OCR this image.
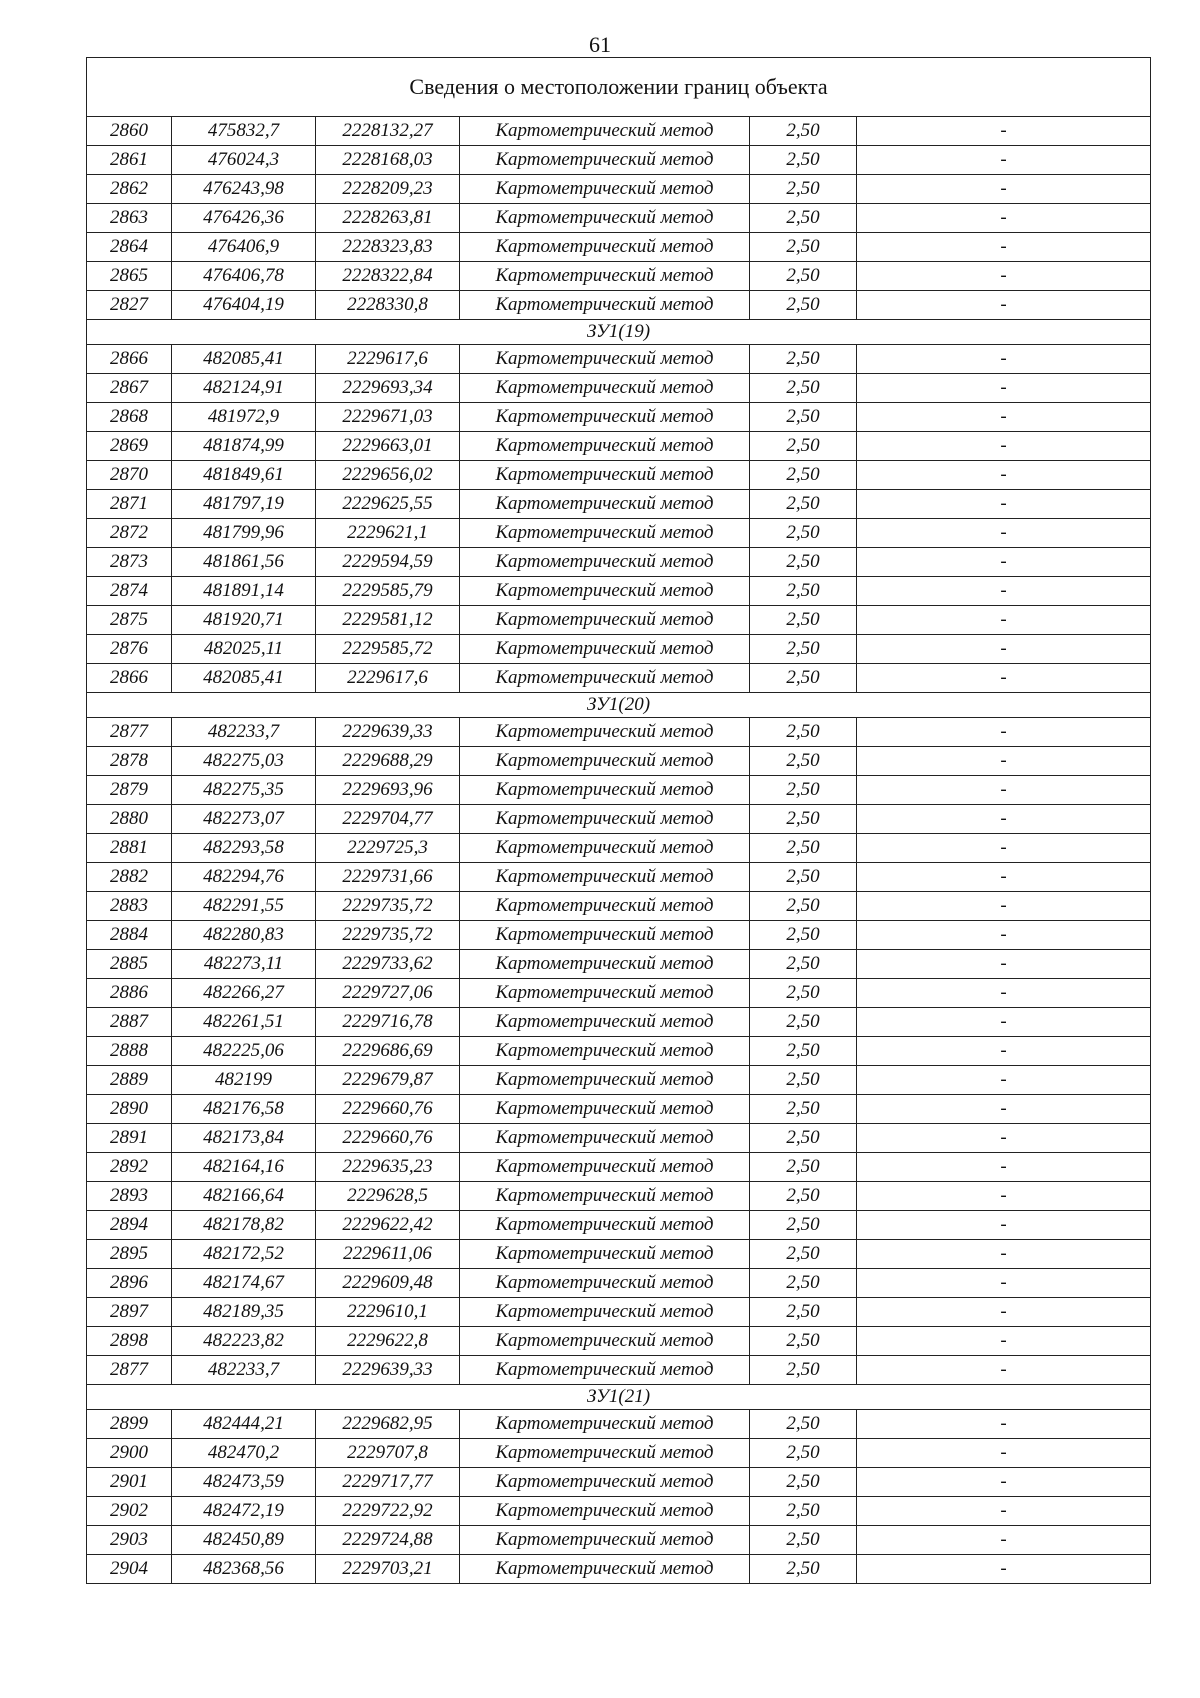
61
Сведения о местоположении границ объекта					
2860	475832,7	2228132,27	Картометрический метод	2,50	-
2861	476024,3	2228168,03	Картометрический метод	2,50	-
2862	476243,98	2228209,23	Картометрический метод	2,50	-
2863	476426,36	2228263,81	Картометрический метод	2,50	-
2864	476406,9	2228323,83	Картометрический метод	2,50	-
2865	476406,78	2228322,84	Картометрический метод	2,50	-
2827	476404,19	2228330,8	Картометрический метод	2,50	-
ЗУ1(19)					
2866	482085,41	2229617,6	Картометрический метод	2,50	-
2867	482124,91	2229693,34	Картометрический метод	2,50	-
2868	481972,9	2229671,03	Картометрический метод	2,50	-
2869	481874,99	2229663,01	Картометрический метод	2,50	-
2870	481849,61	2229656,02	Картометрический метод	2,50	-
2871	481797,19	2229625,55	Картометрический метод	2,50	-
2872	481799,96	2229621,1	Картометрический метод	2,50	-
2873	481861,56	2229594,59	Картометрический метод	2,50	-
2874	481891,14	2229585,79	Картометрический метод	2,50	-
2875	481920,71	2229581,12	Картометрический метод	2,50	-
2876	482025,11	2229585,72	Картометрический метод	2,50	-
2866	482085,41	2229617,6	Картометрический метод	2,50	-
ЗУ1(20)					
2877	482233,7	2229639,33	Картометрический метод	2,50	-
2878	482275,03	2229688,29	Картометрический метод	2,50	-
2879	482275,35	2229693,96	Картометрический метод	2,50	-
2880	482273,07	2229704,77	Картометрический метод	2,50	-
2881	482293,58	2229725,3	Картометрический метод	2,50	-
2882	482294,76	2229731,66	Картометрический метод	2,50	-
2883	482291,55	2229735,72	Картометрический метод	2,50	-
2884	482280,83	2229735,72	Картометрический метод	2,50	-
2885	482273,11	2229733,62	Картометрический метод	2,50	-
2886	482266,27	2229727,06	Картометрический метод	2,50	-
2887	482261,51	2229716,78	Картометрический метод	2,50	-
2888	482225,06	2229686,69	Картометрический метод	2,50	-
2889	482199	2229679,87	Картометрический метод	2,50	-
2890	482176,58	2229660,76	Картометрический метод	2,50	-
2891	482173,84	2229660,76	Картометрический метод	2,50	-
2892	482164,16	2229635,23	Картометрический метод	2,50	-
2893	482166,64	2229628,5	Картометрический метод	2,50	-
2894	482178,82	2229622,42	Картометрический метод	2,50	-
2895	482172,52	2229611,06	Картометрический метод	2,50	-
2896	482174,67	2229609,48	Картометрический метод	2,50	-
2897	482189,35	2229610,1	Картометрический метод	2,50	-
2898	482223,82	2229622,8	Картометрический метод	2,50	-
2877	482233,7	2229639,33	Картометрический метод	2,50	-
ЗУ1(21)					
2899	482444,21	2229682,95	Картометрический метод	2,50	-
2900	482470,2	2229707,8	Картометрический метод	2,50	-
2901	482473,59	2229717,77	Картометрический метод	2,50	-
2902	482472,19	2229722,92	Картометрический метод	2,50	-
2903	482450,89	2229724,88	Картометрический метод	2,50	-
2904	482368,56	2229703,21	Картометрический метод	2,50	-
